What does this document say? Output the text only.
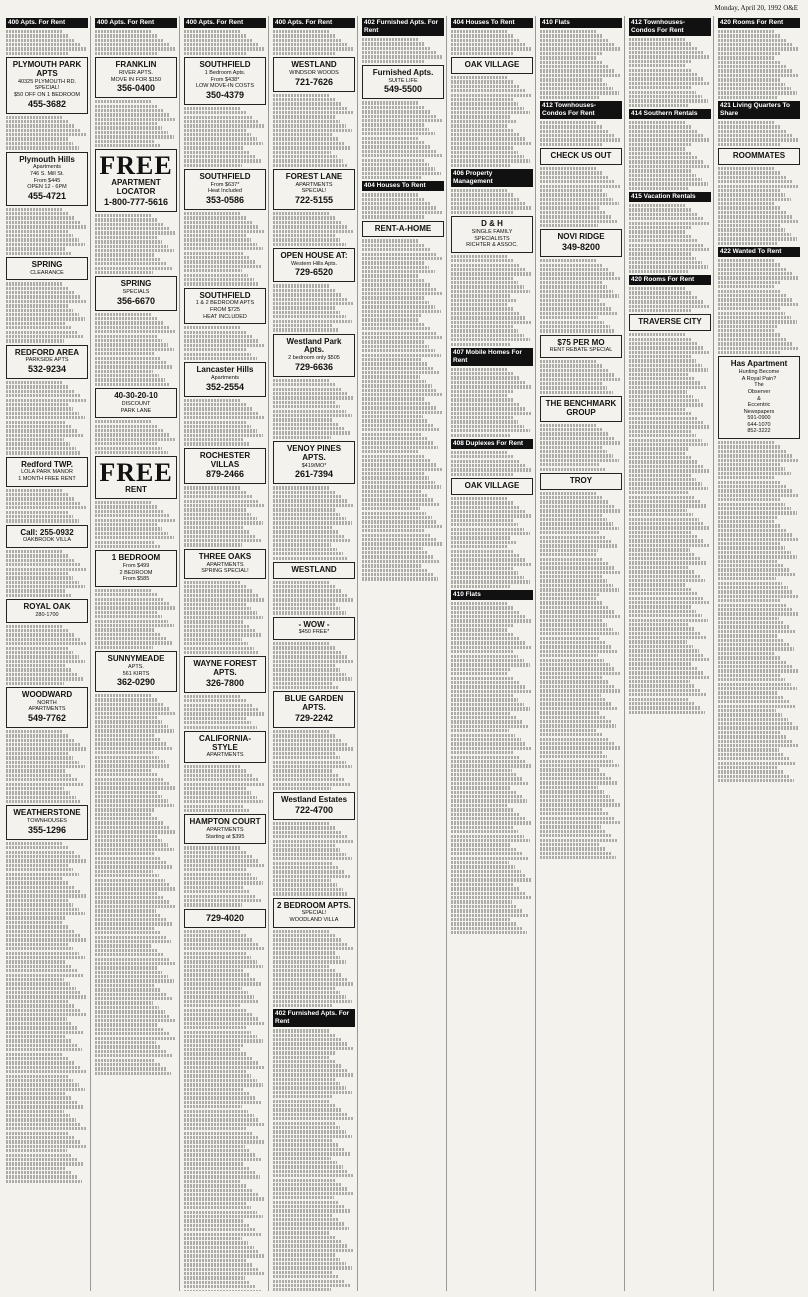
Monday, April 20, 1992 O&E
400 Apts. For Rent
PLYMOUTH PARK APTS
40325 PLYMOUTH RD.
SPECIAL!
$50 OFF ON 1 BEDROOM
455-3682
Plymouth Hills
Apartments
746 S. Mill St.
From $445
OPEN 12 - 6PM
455-4721
SPRING
CLEARANCE
REDFORD AREA
PARKSIDE APTS
532-9234
Redford TWP.
LOLA PARK MANOR
1 MONTH FREE RENT
Call: 255-0932
OAKBROOK VILLA
ROYAL OAK
280-1700
WOODWARD
NORTH
APARTMENTS
549-7762
WEATHERSTONE
TOWNHOUSES
355-1296
400 Apts. For Rent
FRANKLIN
RIVER APTS.
MOVE IN FOR $150
356-0400
FREE
APARTMENT
LOCATOR
1-800-777-5616
SPRING
SPECIALS
356-6670
40-30-20-10
DISCOUNT
PARK LANE
FREE
RENT
1 BEDROOM
From $499
2 BEDROOM
From $585
SUNNYMEADE
APTS.
561 KIRTS
362-0290
400 Apts. For Rent
SOUTHFIELD
1 Bedroom Apts.
From $438*
LOW MOVE-IN COSTS
350-4379
SOUTHFIELD
From $637*
Heat Included
353-0586
SOUTHFIELD
1 & 2 BEDROOM APTS
FROM $725
HEAT INCLUDED
Lancaster Hills
Apartments
352-2554
ROCHESTER VILLAS
879-2466
THREE OAKS
APARTMENTS
SPRING SPECIAL!
WAYNE FOREST APTS.
326-7800
CALIFORNIA-STYLE
APARTMENTS
HAMPTON COURT
APARTMENTS
Starting at $395
729-4020
400 Apts. For Rent
WESTLAND
WINDSOR WOODS
721-7626
FOREST LANE
APARTMENTS
SPECIAL!
722-5155
OPEN HOUSE AT:
Western Hills Apts.
729-6520
Westland Park Apts.
2 bedroom only $505
729-6636
VENOY PINES APTS.
$419/MO*
261-7394
WESTLAND
- WOW -
$450 FREE*
BLUE GARDEN APTS.
729-2242
Westland Estates
722-4700
2 BEDROOM APTS.
SPECIAL!
WOODLAND VILLA
402 Furnished Apts. For Rent
402 Furnished Apts. For Rent
Furnished Apts.
SUITE LIFE
549-5500
404 Houses To Rent
RENT-A-HOME
404 Houses To Rent
OAK VILLAGE
406 Property Management
D & H
SINGLE FAMILY SPECIALISTS
RICHTER & ASSOC.
407 Mobile Homes For Rent
408 Duplexes For Rent
OAK VILLAGE
410 Flats
410 Flats
412 Townhouses-Condos For Rent
CHECK US OUT
NOVI RIDGE
349-8200
$75 PER MO
RENT REBATE SPECIAL
THE BENCHMARK GROUP
TROY
412 Townhouses-Condos For Rent
414 Southern Rentals
415 Vacation Rentals
420 Rooms For Rent
TRAVERSE CITY
420 Rooms For Rent
421 Living Quarters To Share
ROOMMATES
422 Wanted To Rent
Has Apartment
Hunting Become
A Royal Pain?
The
Observer
&
Eccentric
Newspapers
591-0900
644-1070
852-3222
